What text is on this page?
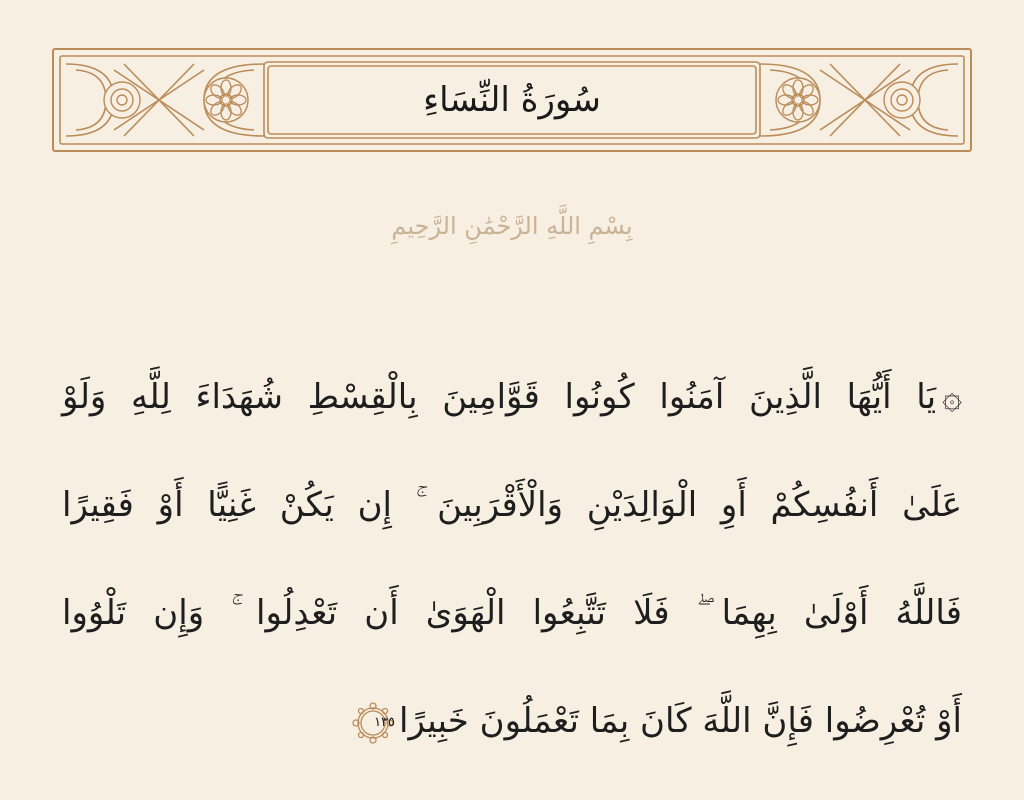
سُورَةُ النِّسَاءِ
بِسْمِ اللَّهِ الرَّحْمَٰنِ الرَّحِيمِ
۞يَا أَيُّهَا الَّذِينَ آمَنُوا كُونُوا قَوَّامِينَ بِالْقِسْطِ شُهَدَاءَ لِلَّهِ وَلَوْ
عَلَىٰ أَنفُسِكُمْ أَوِ الْوَالِدَيْنِ وَالْأَقْرَبِينَ ۚ إِن يَكُنْ غَنِيًّا أَوْ فَقِيرًا
فَاللَّهُ أَوْلَىٰ بِهِمَا ۖ فَلَا تَتَّبِعُوا الْهَوَىٰ أَن تَعْدِلُوا ۚ وَإِن تَلْوُوا
أَوْ تُعْرِضُوا فَإِنَّ اللَّهَ كَانَ بِمَا تَعْمَلُونَ خَبِيرًا
١٣٥
